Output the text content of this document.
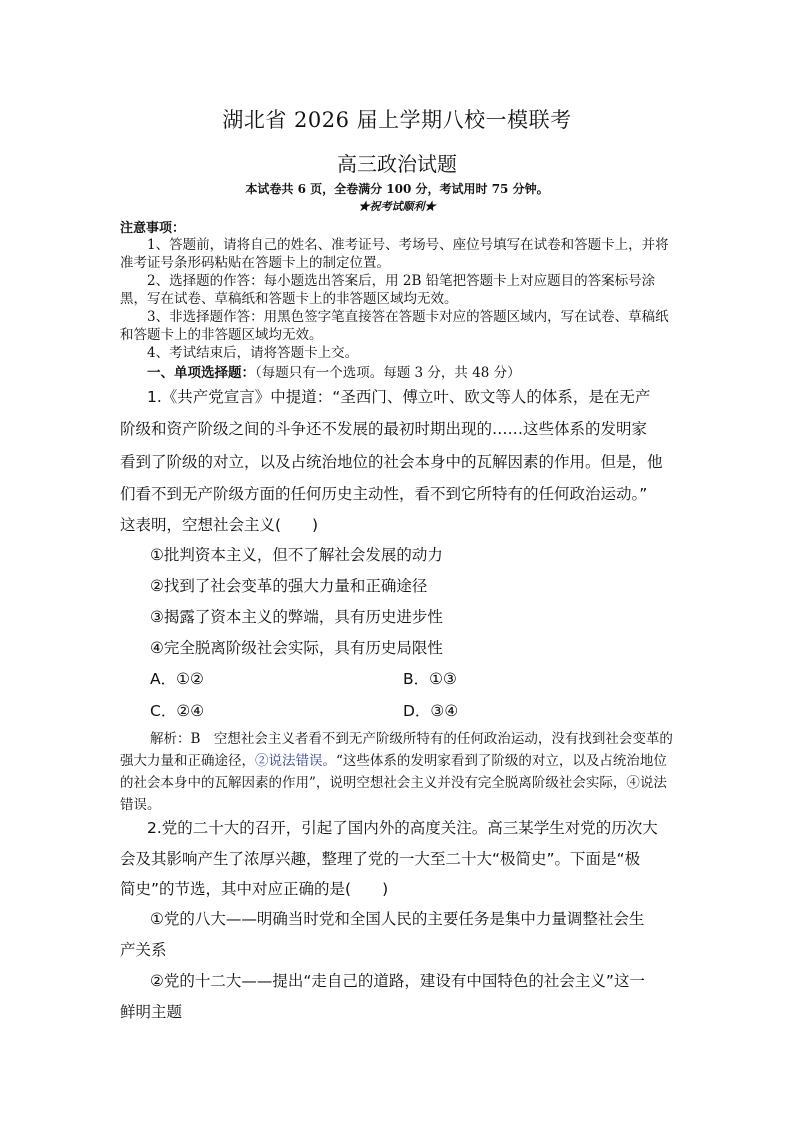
湖北省 2026 届上学期八校一模联考
高三政治试题
本试卷共 6 页，全卷满分 100 分，考试用时 75 分钟。
★祝考试顺利★
注意事项：
1、答题前，请将自己的姓名、准考证号、考场号、座位号填写在试卷和答题卡上，并将准考证号条形码粘贴在答题卡上的制定位置。
2、选择题的作答：每小题选出答案后，用 2B 铅笔把答题卡上对应题目的答案标号涂黑，写在试卷、草稿纸和答题卡上的非答题区域均无效。
3、非选择题作答：用黑色签字笔直接答在答题卡对应的答题区域内，写在试卷、草稿纸和答题卡上的非答题区域均无效。
4、考试结束后，请将答题卡上交。
一、单项选择题：（每题只有一个选项。每题 3 分，共 48 分）
1.《共产党宣言》中提道：“圣西门、傅立叶、欧文等人的体系，是在无产
阶级和资产阶级之间的斗争还不发展的最初时期出现的……这些体系的发明家
看到了阶级的对立，以及占统治地位的社会本身中的瓦解因素的作用。但是，他
们看不到无产阶级方面的任何历史主动性，看不到它所特有的任何政治运动。”
这表明，空想社会主义(　　)
①批判资本主义，但不了解社会发展的动力
②找到了社会变革的强大力量和正确途径
③揭露了资本主义的弊端，具有历史进步性
④完全脱离阶级社会实际，具有历史局限性
A．①②	B．①③
C．②④	D．③④
解析：B  空想社会主义者看不到无产阶级所特有的任何政治运动，没有找到社会变革的强大力量和正确途径，②说法错误。“这些体系的发明家看到了阶级的对立，以及占统治地位的社会本身中的瓦解因素的作用”，说明空想社会主义并没有完全脱离阶级社会实际，④说法错误。
2.党的二十大的召开，引起了国内外的高度关注。高三某学生对党的历次大
会及其影响产生了浓厚兴趣，整理了党的一大至二十大“极简史”。下面是“极
简史”的节选，其中对应正确的是(　　)
①党的八大——明确当时党和全国人民的主要任务是集中力量调整社会生
产关系
②党的十二大——提出“走自己的道路，建设有中国特色的社会主义”这一
鲜明主题
